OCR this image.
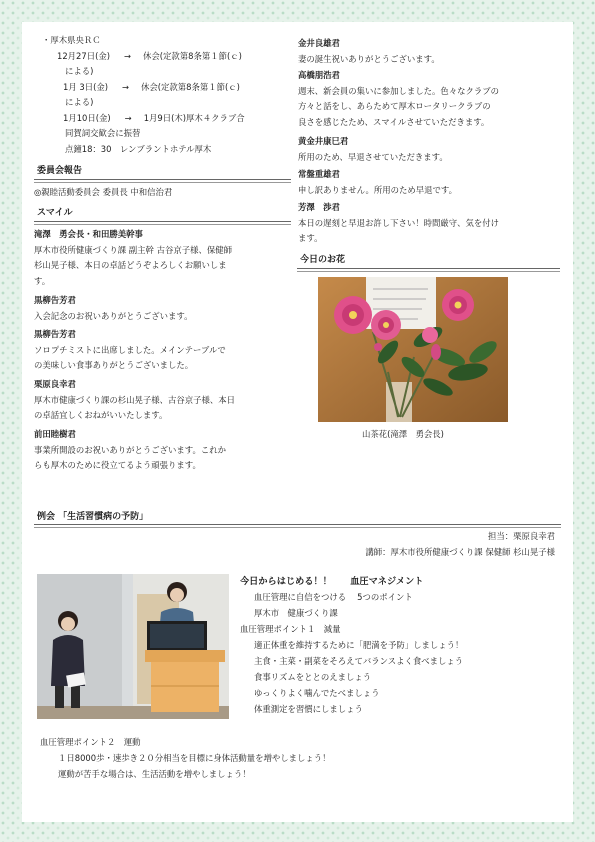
・厚木県央ＲＣ
12月27日(金) → 休会(定款第8条第１節(ｃ)
による)
1月 3日(金) → 休会(定款第8条第１節(ｃ)
による)
1月10日(金) → 1月9日(木)厚木４クラブ合
同賀詞交歓会に振替
点鐘18：30　レンブラントホテル厚木
委員会報告
◎親睦活動委員会 委員長 中和信治君
スマイル
滝澤　勇会長・和田勝美幹事
厚木市役所健康づくり課 副主幹 古谷京子様、保健師
杉山晃子様、本日の卓話どうぞよろしくお願いしま
す。
黒柳告芳君
入会記念のお祝いありがとうございます。
黒柳告芳君
ソロプチミストに出席しました。メインテーブルで
の美味しい食事ありがとうございました。
栗原良幸君
厚木市健康づくり課の杉山晃子様、古谷京子様、本日
の卓話宜しくおねがいいたします。
前田睦樹君
事業所開設のお祝いありがとうございます。これか
らも厚木のために役立てるよう頑張ります。
金井良雄君
妻の誕生祝いありがとうございます。
高橋朋浩君
週末、新会員の集いに参加しました。色々なクラブの
方々と話をし、あらためて厚木ロータリークラブの
良さを感じたため、スマイルさせていただきます。
黄金井康巳君
所用のため、早退させていただきます。
常盤重雄君
申し訳ありません。所用のため早退です。
芳澤　渉君
本日の遅刻と早退お許し下さい！時間厳守、気を付け
ます。
今日のお花
山茶花(滝澤　勇会長)
例会 「生活習慣病の予防」
担当：栗原良幸君
講師：厚木市役所健康づくり課 保健師 杉山晃子様
今日からはじめる！！　　血圧マネジメント
血圧管理に自信をつける　 5つのポイント
厚木市　健康づくり課
血圧管理ポイント１　減量
適正体重を維持するために「肥満を予防」しましょう！
主食・主菜・副菜をそろえてバランスよく食べましょう
食事リズムをととのえましょう
ゆっくりよく噛んでたべましょう
体重測定を習慣にしましょう
血圧管理ポイント２　運動
１日8000歩・速歩き２０分相当を目標に身体活動量を増やしましょう！
運動が苦手な場合は、生活活動を増やしましょう！
